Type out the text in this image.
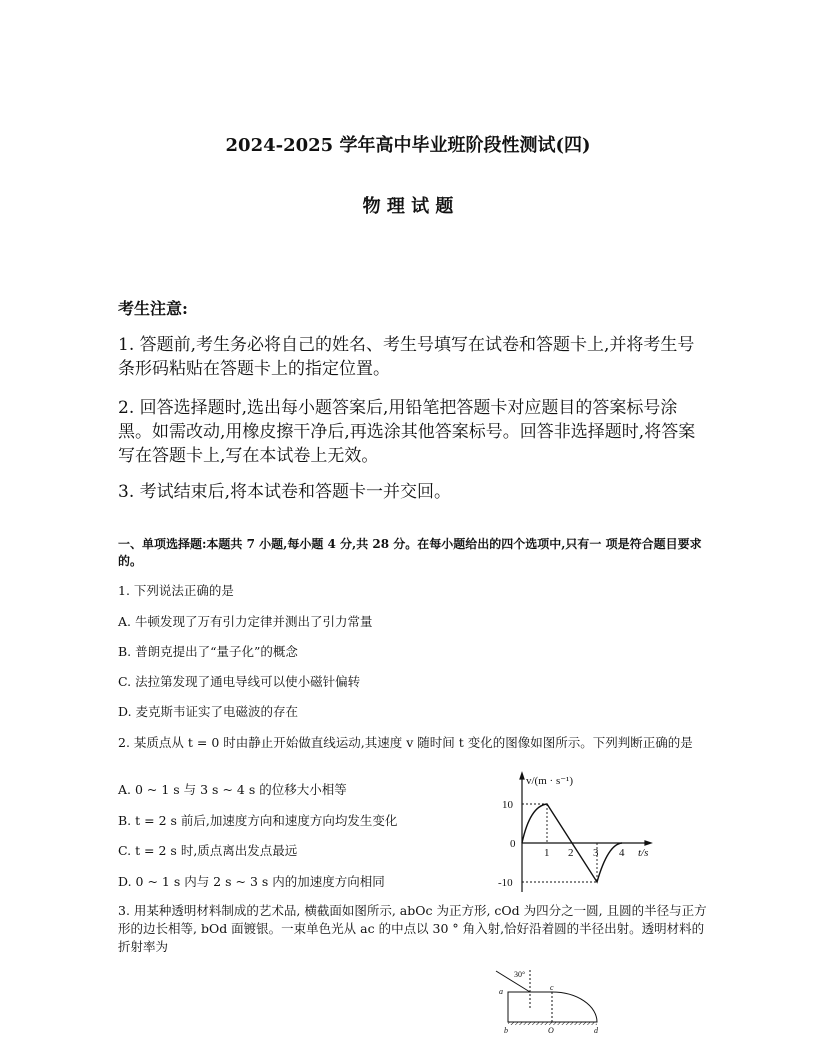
2024-2025 学年高中毕业班阶段性测试(四)
物 理 试 题
考生注意:
1. 答题前,考生务必将自己的姓名、考生号填写在试卷和答题卡上,并将考生号条形码粘贴在答题卡上的指定位置。
2. 回答选择题时,选出每小题答案后,用铅笔把答题卡对应题目的答案标号涂黑。如需改动,用橡皮擦干净后,再选涂其他答案标号。回答非选择题时,将答案写在答题卡上,写在本试卷上无效。
3. 考试结束后,将本试卷和答题卡一并交回。
一、单项选择题:本题共 7 小题,每小题 4 分,共 28 分。在每小题给出的四个选项中,只有一 项是符合题目要求的。
1. 下列说法正确的是
A. 牛顿发现了万有引力定律并测出了引力常量
B. 普朗克提出了“量子化”的概念
C. 法拉第发现了通电导线可以使小磁针偏转
D. 麦克斯韦证实了电磁波的存在
2. 某质点从 t = 0 时由静止开始做直线运动,其速度 v 随时间 t 变化的图像如图所示。下列判断正确的是
A. 0 ~ 1 s 与 3 s ~ 4 s 的位移大小相等
B. t = 2 s 前后,加速度方向和速度方向均发生变化
C. t = 2 s 时,质点离出发点最远
D. 0 ~ 1 s 内与 2 s ~ 3 s 内的加速度方向相同
v/(m · s⁻¹)
10
0
-10
1 2 3 4 t/s
3. 用某种透明材料制成的艺术品, 横截面如图所示, abOc 为正方形, cOd 为四分之一圆, 且圆的半径与正方形的边长相等, bOd 面镀银。一束单色光从 ac 的中点以 30 ° 角入射,恰好沿着圆的半径出射。透明材料的折射率为
30°
a	c
b	O	d
